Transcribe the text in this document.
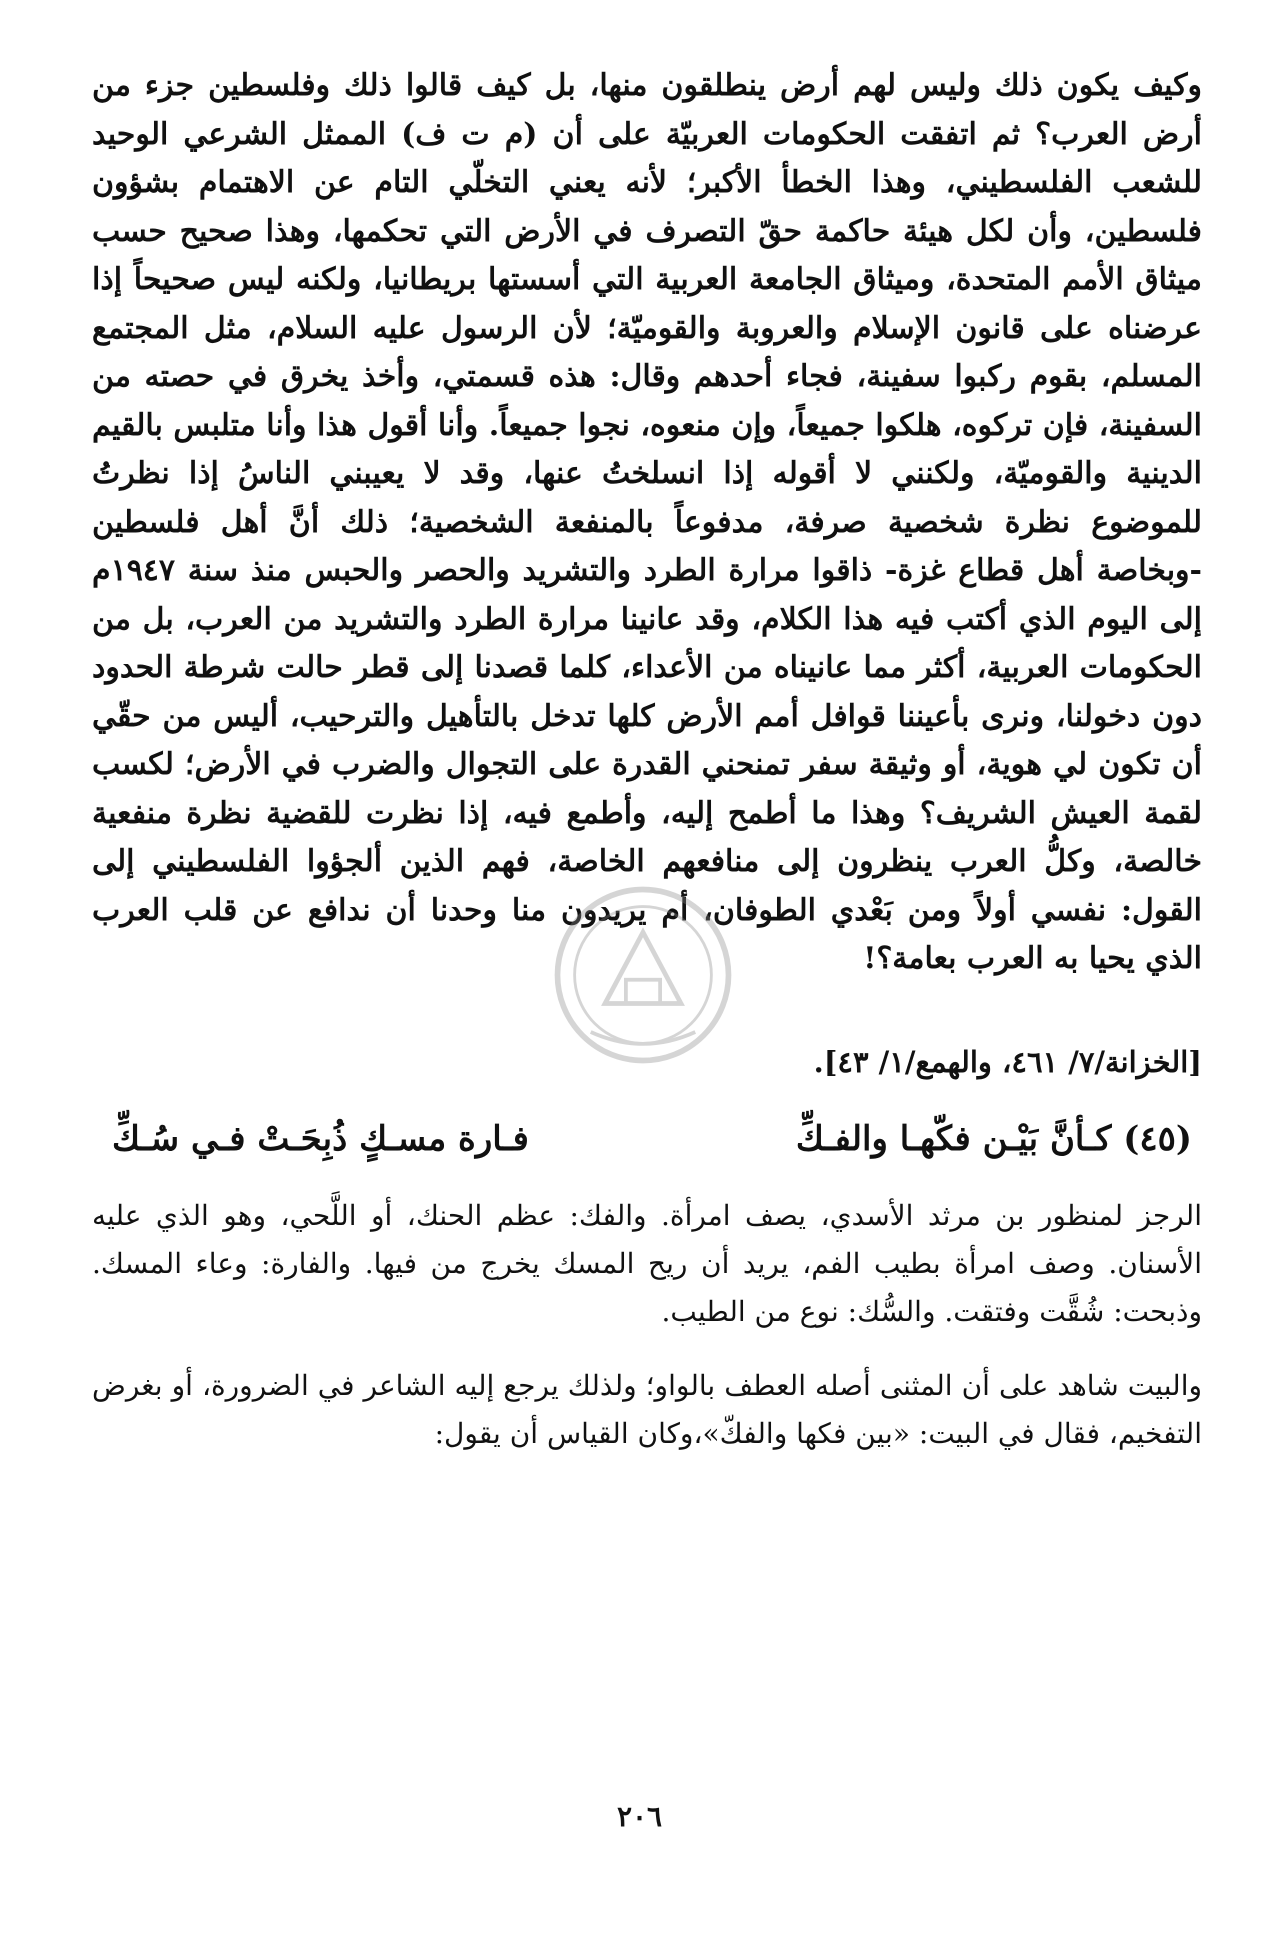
وكيف يكون ذلك وليس لهم أرض ينطلقون منها، بل كيف قالوا ذلك وفلسطين جزء من أرض العرب؟ ثم اتفقت الحكومات العربيّة على أن (م ت ف) الممثل الشرعي الوحيد للشعب الفلسطيني، وهذا الخطأ الأكبر؛ لأنه يعني التخلّي التام عن الاهتمام بشؤون فلسطين، وأن لكل هيئة حاكمة حقّ التصرف في الأرض التي تحكمها، وهذا صحيح حسب ميثاق الأمم المتحدة، وميثاق الجامعة العربية التي أسستها بريطانيا، ولكنه ليس صحيحاً إذا عرضناه على قانون الإسلام والعروبة والقوميّة؛ لأن الرسول عليه السلام، مثل المجتمع المسلم، بقوم ركبوا سفينة، فجاء أحدهم وقال: هذه قسمتي، وأخذ يخرق في حصته من السفينة، فإن تركوه، هلكوا جميعاً، وإن منعوه، نجوا جميعاً. وأنا أقول هذا وأنا متلبس بالقيم الدينية والقوميّة، ولكنني لا أقوله إذا انسلختُ عنها، وقد لا يعيبني الناسُ إذا نظرتُ للموضوع نظرة شخصية صرفة، مدفوعاً بالمنفعة الشخصية؛ ذلك أنَّ أهل فلسطين -وبخاصة أهل قطاع غزة- ذاقوا مرارة الطرد والتشريد والحصر والحبس منذ سنة ١٩٤٧م إلى اليوم الذي أكتب فيه هذا الكلام، وقد عانينا مرارة الطرد والتشريد من العرب، بل من الحكومات العربية، أكثر مما عانيناه من الأعداء، كلما قصدنا إلى قطر حالت شرطة الحدود دون دخولنا، ونرى بأعيننا قوافل أمم الأرض كلها تدخل بالتأهيل والترحيب، أليس من حقّي أن تكون لي هوية، أو وثيقة سفر تمنحني القدرة على التجوال والضرب في الأرض؛ لكسب لقمة العيش الشريف؟ وهذا ما أطمح إليه، وأطمع فيه، إذا نظرت للقضية نظرة منفعية خالصة، وكلُّ العرب ينظرون إلى منافعهم الخاصة، فهم الذين ألجؤوا الفلسطيني إلى القول: نفسي أولاً ومن بَعْدي الطوفان، أم يريدون منا وحدنا أن ندافع عن قلب العرب الذي يحيا به العرب بعامة؟!

[الخزانة/٧/ ٤٦١، والهمع/١/ ٤٣].

(٤٥) كـأنَّ بَيْـن فكّهـا والفـكِّ
فـارة مسـكٍ ذُبِحَـتْ فـي سُـكِّ

الرجز لمنظور بن مرثد الأسدي، يصف امرأة. والفك: عظم الحنك، أو اللَّحي، وهو الذي عليه الأسنان. وصف امرأة بطيب الفم، يريد أن ريح المسك يخرج من فيها. والفارة: وعاء المسك. وذبحت: شُقَّت وفتقت. والسُّك: نوع من الطيب.

والبيت شاهد على أن المثنى أصله العطف بالواو؛ ولذلك يرجع إليه الشاعر في الضرورة، أو بغرض التفخيم، فقال في البيت: «بين فكها والفكّ»،وكان القياس أن يقول:

٢٠٦
